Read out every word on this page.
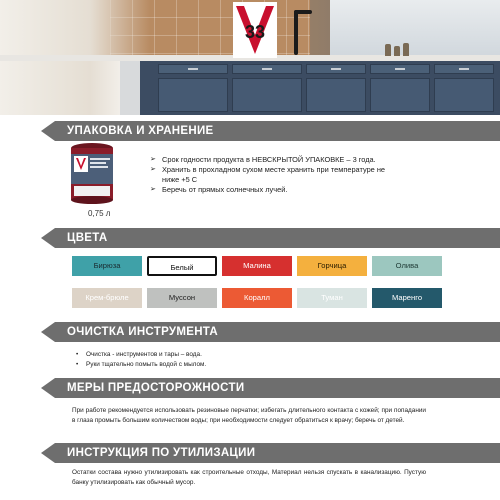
33
УПАКОВКА И ХРАНЕНИЕ
0,75 л
➢ Срок годности продукта в НЕВСКРЫТОЙ УПАКОВКЕ – 3 года.
➢ Хранить в прохладном сухом месте хранить при температуре не ниже +5 С
➢ Беречь от прямых солнечных лучей.
ЦВЕТА
Бирюза	Белый	Малина	Горчица	Олива
Крем-брюле	Муссон	Коралл	Туман	Маренго
ОЧИСТКА ИНСТРУМЕНТА
• Очистка - инструментов и тары – вода.
• Руки тщательно помыть водой с мылом.
МЕРЫ ПРЕДОСТОРОЖНОСТИ

При работе рекомендуется использовать резиновые перчатки; избегать длительного контакта с кожей; при попадании в глаза промыть большим количеством воды; при необходимости следует обратиться к врачу; беречь от детей.

ИНСТРУКЦИЯ ПО УТИЛИЗАЦИИ

Остатки состава нужно утилизировать как строительные отходы, Материал нельзя спускать в канализацию. Пустую банку утилизировать как обычный мусор.
